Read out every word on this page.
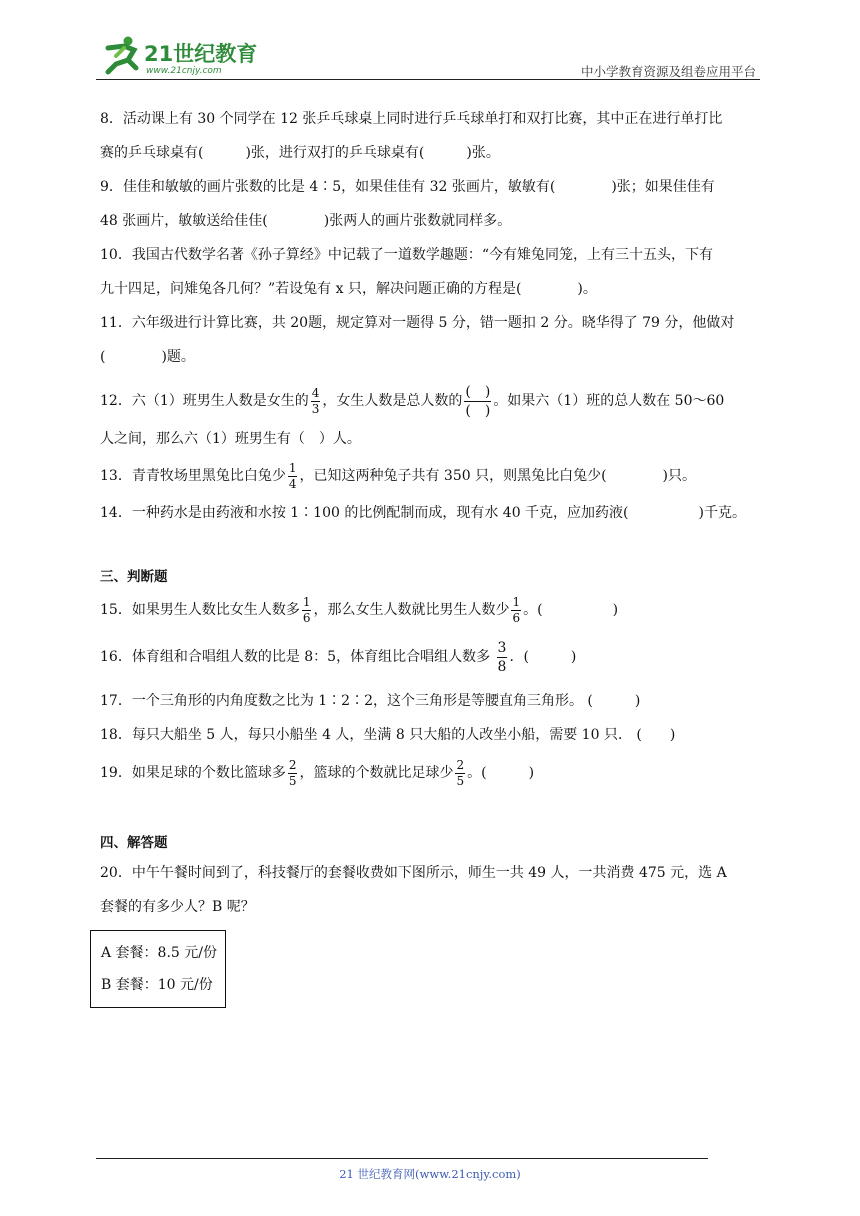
21世纪教育
www.21cnjy.com	中小学教育资源及组卷应用平台
8．活动课上有 30 个同学在 12 张乒乓球桌上同时进行乒乓球单打和双打比赛，其中正在进行单打比
赛的乒乓球桌有(　　　)张，进行双打的乒乓球桌有(　　　)张。
9．佳佳和敏敏的画片张数的比是 4∶5，如果佳佳有 32 张画片，敏敏有(　　　　)张；如果佳佳有
48 张画片，敏敏送给佳佳(　　　　)张两人的画片张数就同样多。
10．我国古代数学名著《孙子算经》中记载了一道数学趣题：“今有雉兔同笼，上有三十五头，下有
九十四足，问雉兔各几何？”若设兔有 x 只，解决问题正确的方程是(　　　　)。
11．六年级进行计算比赛，共 20题，规定算对一题得 5 分，错一题扣 2 分。晓华得了 79 分，他做对
(　　　　)题。
12．六（1）班男生人数是女生的 $\frac{4}{3}$ ，女生人数是总人数的 $\frac{( )}{( )}$ 。如果六（1）班的总人数在 50～60
人之间，那么六（1）班男生有（　）人。
13．青青牧场里黑兔比白兔少 $\frac{1}{4}$ ，已知这两种兔子共有 350 只，则黑兔比白兔少(　　　　)只。
14．一种药水是由药液和水按 1∶100 的比例配制而成，现有水 40 千克，应加药液(　　　　　)千克。
三、判断题
15．如果男生人数比女生人数多 $\frac{1}{6}$ ，那么女生人数就比男生人数少 $\frac{1}{6}$ 。(　　　　　)
16．体育组和合唱组人数的比是 8：5，体育组比合唱组人数多 $\frac{3}{8}$ ．(　　　)
17．一个三角形的内角度数之比为 1∶2∶2，这个三角形是等腰直角三角形。 (　　　)
18．每只大船坐 5 人，每只小船坐 4 人，坐满 8 只大船的人改坐小船，需要 10 只． (　　)
19．如果足球的个数比篮球多 $\frac{2}{5}$ ，篮球的个数就比足球少 $\frac{2}{5}$ 。(　　　)
四、解答题
20．中午午餐时间到了，科技餐厅的套餐收费如下图所示，师生一共 49 人，一共消费 475 元，选 A
套餐的有多少人？B 呢？
A 套餐：8.5 元/份
B 套餐：10 元/份
21 世纪教育网(www.21cnjy.com)
